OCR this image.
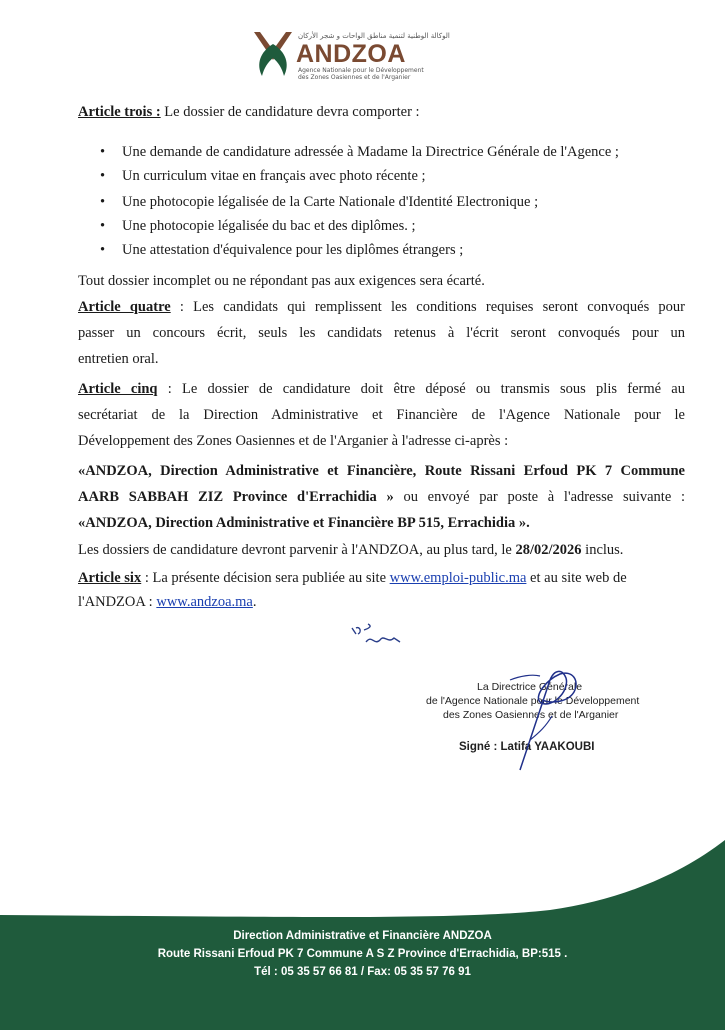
الوكالة الوطنية لتنمية مناطق الواحات و شجر الأركان
ANDZOA
Agence Nationale pour le Développement
des Zones Oasiennes et de l'Arganier
Article trois : Le dossier de candidature devra comporter :
• Une demande de candidature adressée à Madame la Directrice Générale de l'Agence ;
• Un curriculum vitae en français avec photo récente ;
• Une photocopie légalisée de la Carte Nationale d'Identité Electronique ;
• Une photocopie légalisée du bac et des diplômes. ;
• Une attestation d'équivalence pour les diplômes étrangers ;
Tout dossier incomplet ou ne répondant pas aux exigences sera écarté.
Article quatre : Les candidats qui remplissent les conditions requises seront convoqués pour
passer un concours écrit, seuls les candidats retenus à l'écrit seront convoqués pour un
entretien oral.
Article cinq : Le dossier de candidature doit être déposé ou transmis sous plis fermé au
secrétariat de la Direction Administrative et Financière de l'Agence Nationale pour le
Développement des Zones Oasiennes et de l'Arganier à l'adresse ci-après :
«ANDZOA, Direction Administrative et Financière, Route Rissani Erfoud PK 7 Commune
AARB SABBAH ZIZ Province d'Errachidia » ou envoyé par poste à l'adresse suivante :
«ANDZOA, Direction Administrative et Financière BP 515, Errachidia ».
Les dossiers de candidature devront parvenir à l'ANDZOA, au plus tard, le 28/02/2026 inclus.
Article six : La présente décision sera publiée au site www.emploi-public.ma et au site web de
l'ANDZOA : www.andzoa.ma.
le SA
La Directrice Générale
de l'Agence Nationale pour le Développement
des Zones Oasiennes et de l'Arganier
Signé : Latifa YAAKOUBI
Direction Administrative et Financière ANDZOA
Route Rissani Erfoud PK 7 Commune A S Z Province d'Errachidia, BP:515 .
Tél : 05 35 57 66 81 / Fax: 05 35 57 76 91
